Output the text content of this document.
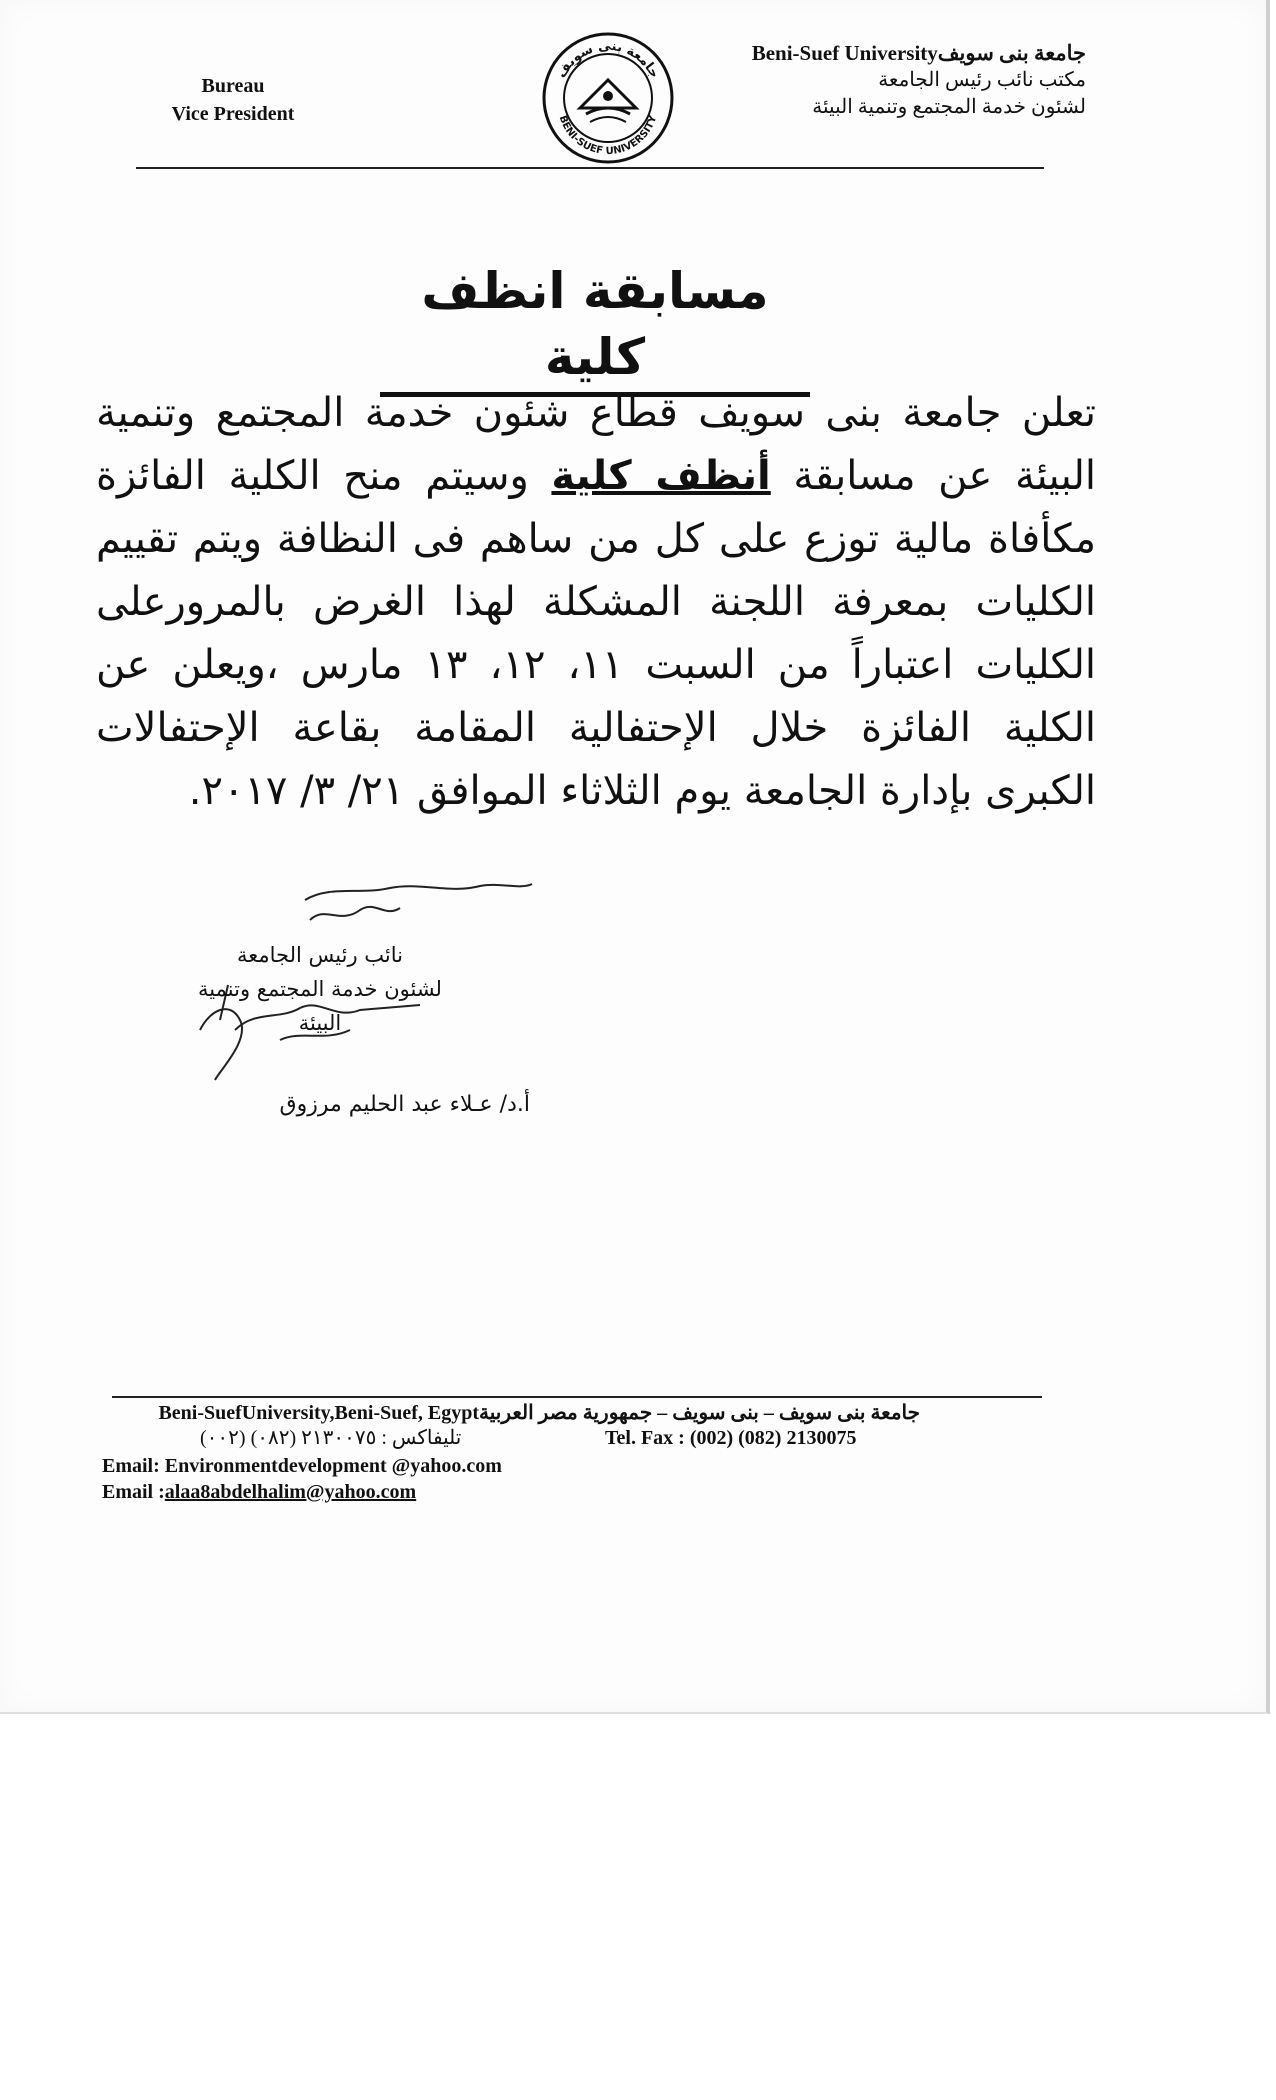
Bureau
Vice President
جامعة بنى سويف
BENI-SUEF UNIVERSITY
جامعة بنى سويفBeni-Suef University
مكتب نائب رئيس الجامعة
لشئون خدمة المجتمع وتنمية البيئة
مسابقة انظف كلية
تعلن جامعة بنى سويف قطاع شئون خدمة المجتمع وتنمية البيئة عن مسابقة أنظف كلية وسيتم منح الكلية الفائزة مكأفاة مالية توزع على كل من ساهم فى النظافة ويتم تقييم الكليات بمعرفة اللجنة المشكلة لهذا الغرض بالمرورعلى الكليات اعتباراً من السبت ١١، ١٢، ١٣ مارس ،ويعلن عن الكلية الفائزة خلال الإحتفالية المقامة بقاعة الإحتفالات الكبرى بإدارة الجامعة يوم الثلاثاء الموافق ٢١/ ٣/ ٢٠١٧.
نائب رئيس الجامعة
لشئون خدمة المجتمع وتنمية البيئة
أ.د/ عـلاء عبد الحليم مرزوق
جامعة بنى سويف – بنى سويف – جمهورية مصر العربيةBeni-SuefUniversity,Beni-Suef, Egypt
تليفاكس : ٢١٣٠٠٧٥ (٠٨٢) (٠٠٢)	Tel. Fax : (002) (082) 2130075
Email: Environmentdevelopment @yahoo.com
Email :alaa8abdelhalim@yahoo.com
